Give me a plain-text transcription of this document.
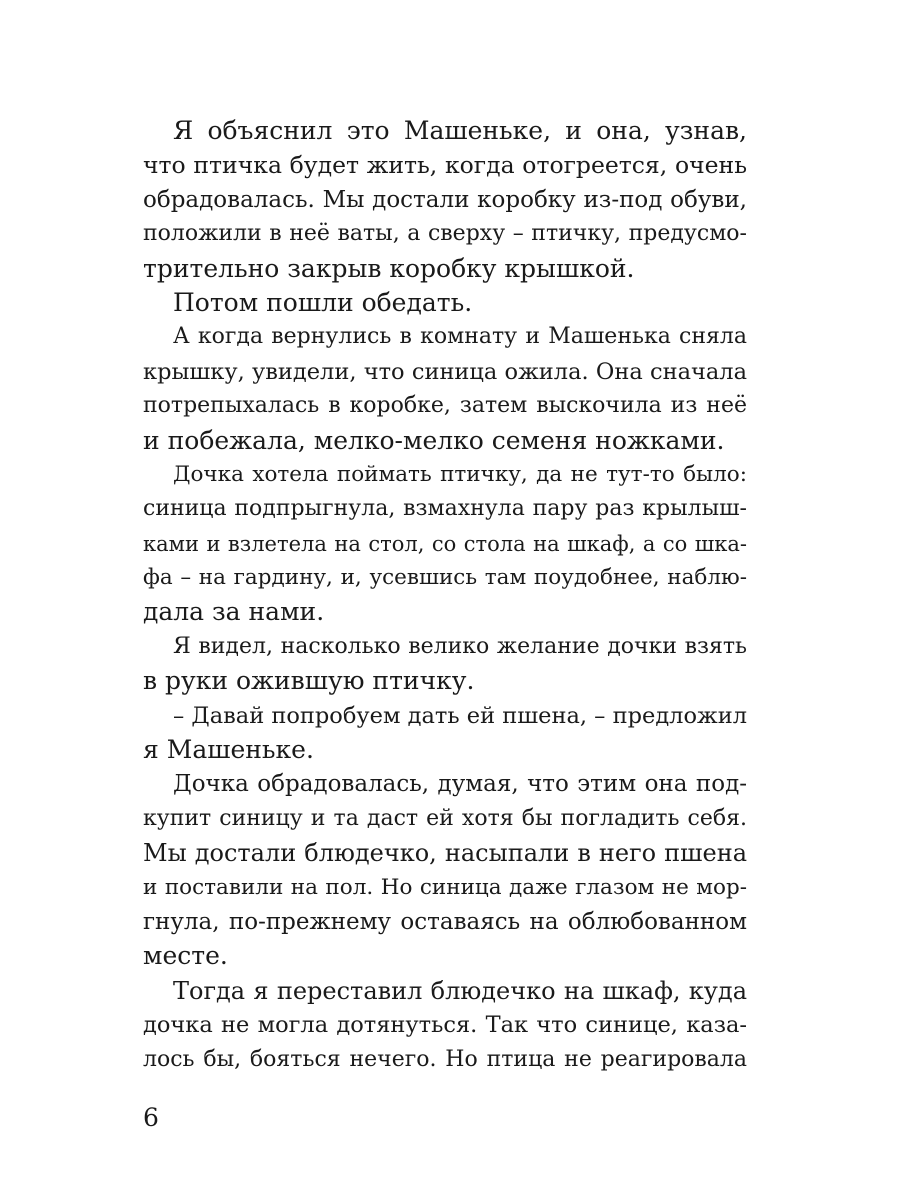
Я объяснил это Машеньке, и она, узнав,
что птичка будет жить, когда отогреется, очень
обрадовалась. Мы достали коробку из-под обуви,
положили в неё ваты, а сверху – птичку, предусмо-
трительно закрыв коробку крышкой.
Потом пошли обедать.
А когда вернулись в комнату и Машенька сняла
крышку, увидели, что синица ожила. Она сначала
потрепыхалась в коробке, затем выскочила из неё
и побежала, мелко-мелко семеня ножками.
Дочка хотела поймать птичку, да не тут-то было:
синица подпрыгнула, взмахнула пару раз крылыш-
ками и взлетела на стол, со стола на шкаф, а со шка-
фа – на гардину, и, усевшись там поудобнее, наблю-
дала за нами.
Я видел, насколько велико желание дочки взять
в руки ожившую птичку.
– Давай попробуем дать ей пшена, – предложил
я Машеньке.
Дочка обрадовалась, думая, что этим она под-
купит синицу и та даст ей хотя бы погладить себя.
Мы достали блюдечко, насыпали в него пшена
и поставили на пол. Но синица даже глазом не мор-
гнула, по-прежнему оставаясь на облюбованном
месте.
Тогда я переставил блюдечко на шкаф, куда
дочка не могла дотянуться. Так что синице, каза-
лось бы, бояться нечего. Но птица не реагировала
6
